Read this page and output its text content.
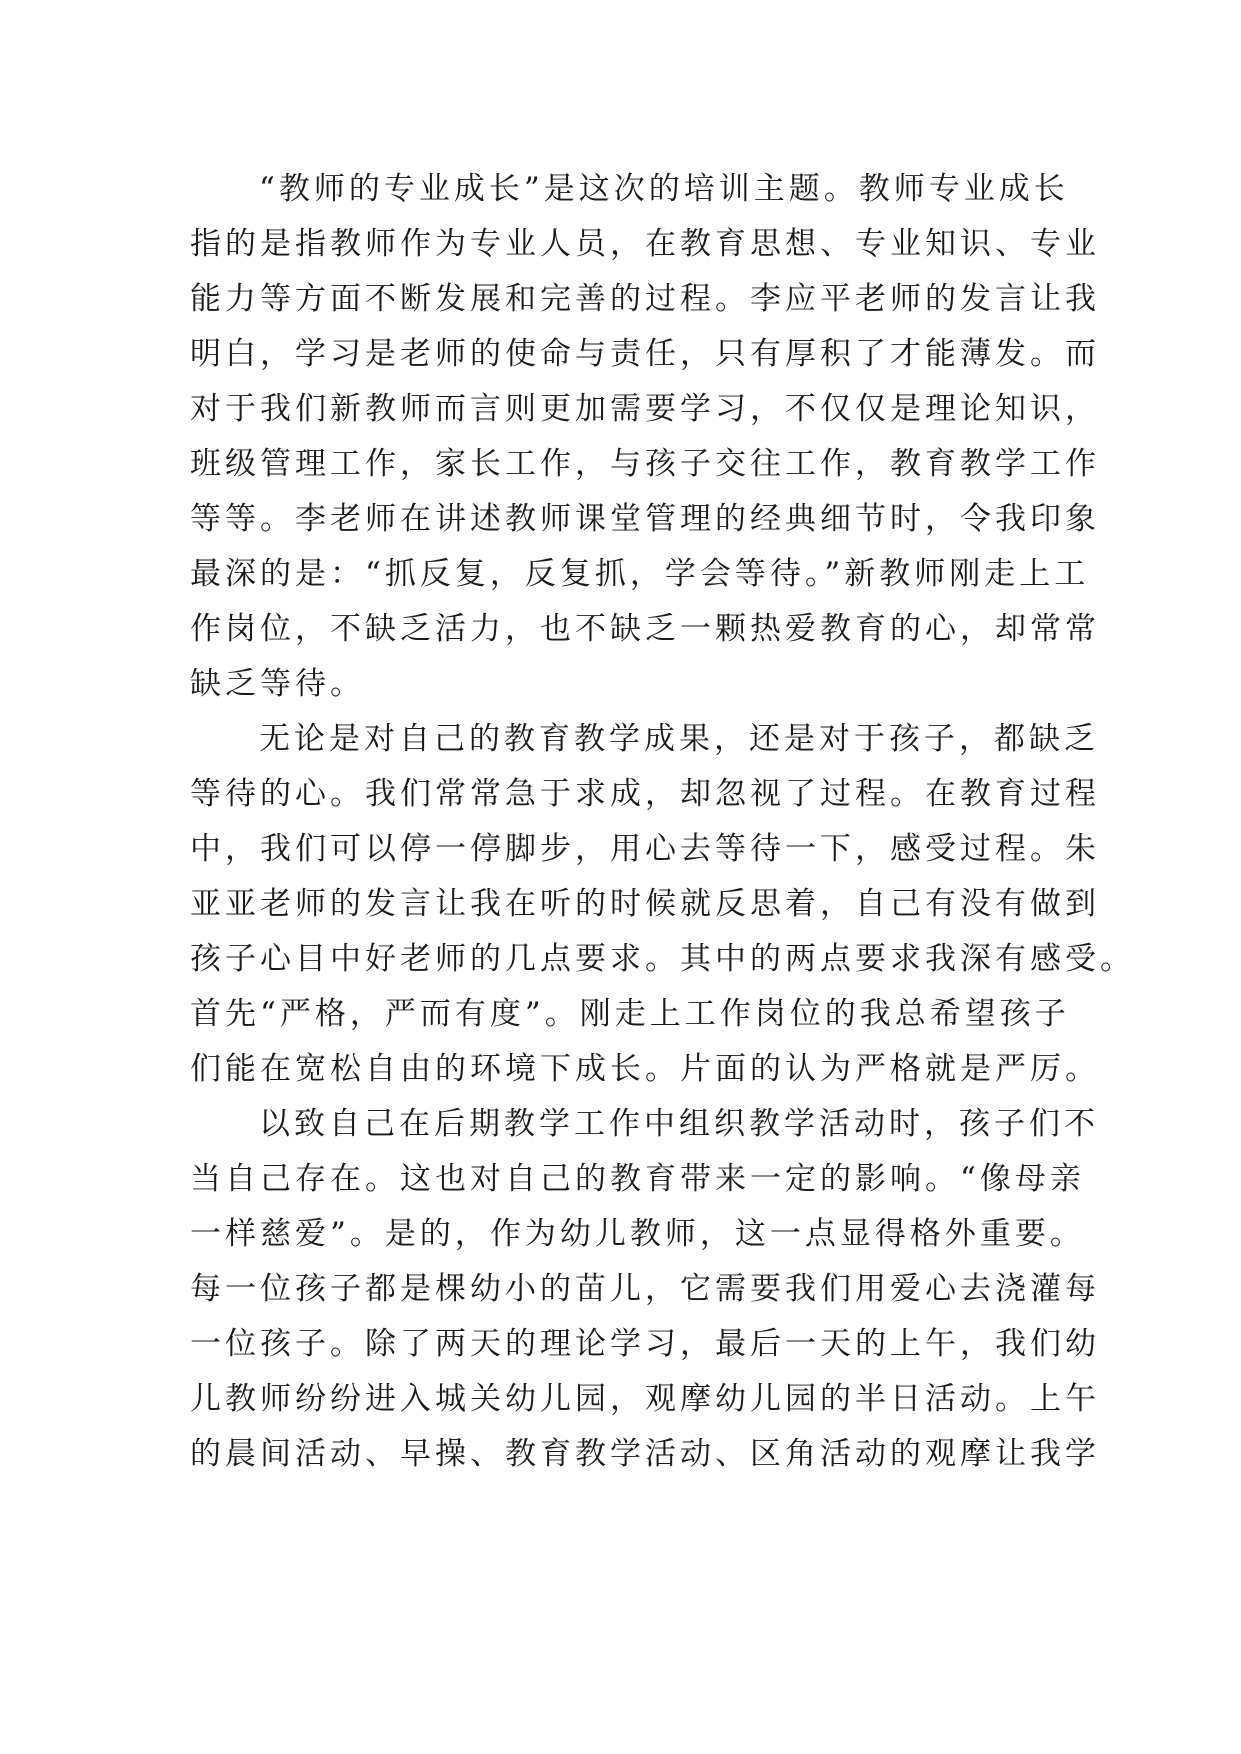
“教师的专业成长”是这次的培训主题。教师专业成长
指的是指教师作为专业人员，在教育思想、专业知识、专业
能力等方面不断发展和完善的过程。李应平老师的发言让我
明白，学习是老师的使命与责任，只有厚积了才能薄发。而
对于我们新教师而言则更加需要学习，不仅仅是理论知识，
班级管理工作，家长工作，与孩子交往工作，教育教学工作
等等。李老师在讲述教师课堂管理的经典细节时，令我印象
最深的是：“抓反复，反复抓，学会等待。”新教师刚走上工
作岗位，不缺乏活力，也不缺乏一颗热爱教育的心，却常常
缺乏等待。
无论是对自己的教育教学成果，还是对于孩子，都缺乏
等待的心。我们常常急于求成，却忽视了过程。在教育过程
中，我们可以停一停脚步，用心去等待一下，感受过程。朱
亚亚老师的发言让我在听的时候就反思着，自己有没有做到
孩子心目中好老师的几点要求。其中的两点要求我深有感受。
首先“严格，严而有度”。刚走上工作岗位的我总希望孩子
们能在宽松自由的环境下成长。片面的认为严格就是严厉。
以致自己在后期教学工作中组织教学活动时，孩子们不
当自己存在。这也对自己的教育带来一定的影响。“像母亲
一样慈爱”。是的，作为幼儿教师，这一点显得格外重要。
每一位孩子都是棵幼小的苗儿，它需要我们用爱心去浇灌每
一位孩子。除了两天的理论学习，最后一天的上午，我们幼
儿教师纷纷进入城关幼儿园，观摩幼儿园的半日活动。上午
的晨间活动、早操、教育教学活动、区角活动的观摩让我学
